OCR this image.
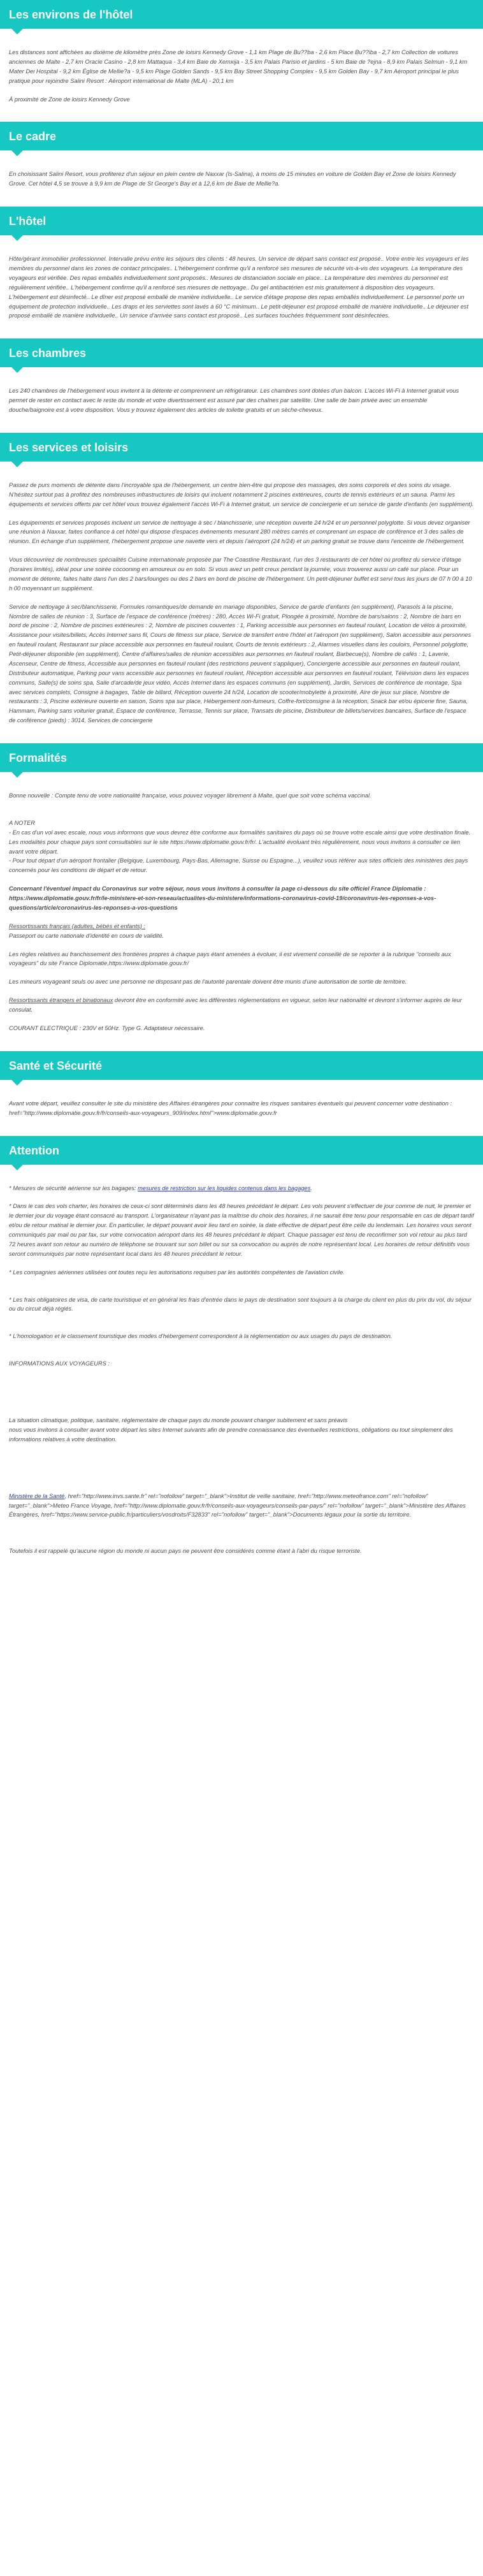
Les environs de l'hôtel

Les distances sont affichées au dixième de kilomètre près Zone de loisirs Kennedy Grove - 1,1 km Plage de Bu??ba - 2,6 km Place Bu??iba - 2,7 km Collection de voitures anciennes de Malte - 2,7 km Oracle Casino - 2,8 km Mattaqua - 3,4 km Baie de Xemxija - 3,5 km Palais Parisio et jardins - 5 km Baie de ?ejna - 8,9 km Palais Selmun - 9,1 km Mater Dei Hospital - 9,2 km Église de Mellie?a - 9,5 km Plage Golden Sands - 9,5 km Bay Street Shopping Complex - 9,5 km Golden Bay - 9,7 km Aéroport principal le plus pratique pour rejoindre Salini Resort : Aéroport international de Malte (MLA) - 20,1 km

À proximité de Zone de loisirs Kennedy Grove

Le cadre

En choisissant Salini Resort, vous profiterez d'un séjour en plein centre de Naxxar (Is-Salina), à moins de 15 minutes en voiture de Golden Bay et Zone de loisirs Kennedy Grove. Cet hôtel 4,5 se trouve à 9,9 km de Plage de St George's Bay et à 12,6 km de Baie de Mellie?a.

L'hôtel

Hôte/gérant immobilier professionnel. Intervalle prévu entre les séjours des clients : 48 heures. Un service de départ sans contact est proposé.. Votre entre les voyageurs et les membres du personnel dans les zones de contact principales.. L'hébergement confirme qu'il a renforcé ses mesures de sécurité vis-à-vis des voyageurs. La température des voyageurs est vérifiée. Des repas emballés individuellement sont proposés.. Mesures de distanciation sociale en place.. La température des membres du personnel est régulièrement vérifiée.. L'hébergement confirme qu'il a renforcé ses mesures de nettoyage.. Du gel antibactérien est mis gratuitement à disposition des voyageurs. L'hébergement est désinfecté.. Le dîner est proposé emballé de manière individuelle.. Le service d'étage propose des repas emballés individuellement. Le personnel porte un équipement de protection individuelle.. Les draps et les serviettes sont lavés à 60 °C minimum.. Le petit-déjeuner est proposé emballé de manière individuelle.. Le déjeuner est proposé emballé de manière individuelle.. Un service d'arrivée sans contact est proposé.. Les surfaces touchées fréquemment sont désinfectées.

Les chambres

Les 240 chambres de l'hébergement vous invitent à la détente et comprennent un réfrigérateur. Les chambres sont dotées d'un balcon. L'accès Wi-Fi à Internet gratuit vous permet de rester en contact avec le reste du monde et votre divertissement est assuré par des chaînes par satellite. Une salle de bain privée avec un ensemble douche/baignoire est à votre disposition. Vous y trouvez également des articles de toilette gratuits et un sèche-cheveux.

Les services et loisirs

Passez de purs moments de détente dans l'incroyable spa de l'hébergement, un centre bien-être qui propose des massages, des soins corporels et des soins du visage. N'hésitez surtout pas à profitez des nombreuses infrastructures de loisirs qui incluent notamment 2 piscines extérieures, courts de tennis extérieurs et un sauna. Parmi les équipements et services offerts par cet hôtel vous trouvez également l'accès Wi-Fi à Internet gratuit, un service de conciergerie et un service de garde d'enfants (en supplément).

Les équipements et services proposés incluent un service de nettoyage à sec / blanchisserie, une réception ouverte 24 h/24 et un personnel polyglotte. Si vous devez organiser une réunion à Naxxar, faites confiance à cet hôtel qui dispose d'espaces événements mesurant 280 mètres carrés et comprenant un espace de conférence et 3 des salles de réunion. En échange d'un supplément, l'hébergement propose une navette vers et depuis l'aéroport (24 h/24) et un parking gratuit se trouve dans l'enceinte de l'hébergement.

Vous découvrirez de nombreuses spécialités Cuisine internationale proposée par The Coastline Restaurant, l'un des 3 restaurants de cet hôtel où profitez du service d'étage (horaires limités), idéal pour une soirée cocooning en amoureux ou en solo. Si vous avez un petit creux pendant la journée, vous trouverez aussi un café sur place. Pour un moment de détente, faites halte dans l'un des 2 bars/lounges ou des 2 bars en bord de piscine de l'hébergement. Un petit-déjeuner buffet est servi tous les jours de 07 h 00 à 10 h 00 moyennant un supplément.

Service de nettoyage à sec/blanchisserie, Formules romantiques/de demande en mariage disponibles, Service de garde d'enfants (en supplément), Parasols à la piscine, Nombre de salles de réunion : 3, Surface de l'espace de conférence (mètres) : 280, Accès Wi-Fi gratuit, Plongée à proximité, Nombre de bars/salons : 2, Nombre de bars en bord de piscine : 2, Nombre de piscines extérieures : 2, Nombre de piscines couvertes : 1, Parking accessible aux personnes en fauteuil roulant, Location de vélos à proximité, Assistance pour visites/billets, Accès Internet sans fil, Cours de fitness sur place, Service de transfert entre l'hôtel et l'aéroport (en supplément), Salon accessible aux personnes en fauteuil roulant, Restaurant sur place accessible aux personnes en fauteuil roulant, Courts de tennis extérieurs : 2, Alarmes visuelles dans les couloirs, Personnel polyglotte, Petit-déjeuner disponible (en supplément), Centre d'affaires/salles de réunion accessibles aux personnes en fauteuil roulant, Barbecue(s), Nombre de cafés : 1, Laverie, Ascenseur, Centre de fitness, Accessible aux personnes en fauteuil roulant (des restrictions peuvent s'appliquer), Conciergerie accessible aux personnes en fauteuil roulant, Distributeur automatique, Parking pour vans accessible aux personnes en fauteuil roulant, Réception accessible aux personnes en fauteuil roulant, Télévision dans les espaces communs, Salle(s) de soins spa, Salle d'arcade/de jeux vidéo, Accès Internet dans les espaces communs (en supplément), Jardin, Services de conférence de montage, Spa avec services complets, Consigne à bagages, Table de billard, Réception ouverte 24 h/24, Location de scooter/mobylette à proximité, Aire de jeux sur place, Nombre de restaurants : 3, Piscine extérieure ouverte en saison, Soins spa sur place, Hébergement non-fumeurs, Coffre-fort/consigne à la réception, Snack bar et/ou épicerie fine, Sauna, Hammam, Parking sans voiturier gratuit, Espace de conférence, Terrasse, Tennis sur place, Transats de piscine, Distributeur de billets/services bancaires, Surface de l'espace de conférence (pieds) : 3014, Services de conciergerie

Formalités

Bonne nouvelle : Compte tenu de votre nationalité française, vous pouvez voyager librement à Malte, quel que soit votre schéma vaccinal.

A NOTER

- En cas d'un vol avec escale, nous vous informons que vous devrez être conforme aux formalités sanitaires du pays où se trouve votre escale ainsi que votre destination finale.

Les modalités pour chaque pays sont consultables sur le site https://www.diplomatie.gouv.fr/fr/. L'actualité évoluant très régulièrement, nous vous invitons à consulter ce lien avant votre départ.

- Pour tout départ d'un aéroport frontalier (Belgique, Luxembourg, Pays-Bas, Allemagne, Suisse ou Espagne...), veuillez vous référer aux sites officiels des ministères des pays concernés pour les conditions de départ et de retour.

Concernant l'éventuel impact du Coronavirus sur votre séjour, nous vous invitons à consulter la page ci-dessous du site officiel France Diplomatie : https://www.diplomatie.gouv.fr/fr/le-ministere-et-son-reseau/actualites-du-ministere/informations-coronavirus-covid-19/coronavirus-les-reponses-a-vos-questions/article/coronavirus-les-reponses-a-vos-questions

Ressortissants français (adultes, bébés et enfants) :

Passeport ou carte nationale d'identité en cours de validité.

Les règles relatives au franchissement des frontières propres à chaque pays étant amenées à évoluer, il est vivement conseillé de se reporter à la rubrique "conseils aux voyageurs" du site France Diplomatie,https://www.diplomatie.gouv.fr/

Les mineurs voyageant seuls ou avec une personne ne disposant pas de l'autorité parentale doivent être munis d'une autorisation de sortie de territoire.

Ressortissants étrangers et binationaux devront être en conformité avec les différentes réglementations en vigueur, selon leur nationalité et devront s'informer auprès de leur consulat.

COURANT ELECTRIQUE : 230V et 50Hz. Type G. Adaptateur nécessaire.

Santé et Sécurité

Avant votre départ, veuillez consulter le site du ministère des Affaires étrangères pour connaitre les risques sanitaires éventuels qui peuvent concerner votre destination : href="http://www.diplomatie.gouv.fr/fr/conseils-aux-voyageurs_909/index.html">www.diplomatie.gouv.fr

Attention

* Mesures de sécurité aérienne sur les bagages: mesures de restriction sur les liquides contenus dans les bagages.

* Dans le cas des vols charter, les horaires de ceux-ci sont déterminés dans les 48 heures précédant le départ. Les vols peuvent s'effectuer de jour comme de nuit, le premier et le dernier jour du voyage étant consacré au transport. L'organisateur n'ayant pas la maîtrise du choix des horaires, il ne saurait être tenu pour responsable en cas de départ tardif et/ou de retour matinal le dernier jour. En particulier, le départ pouvant avoir lieu tard en soirée, la date effective de départ peut être celle du lendemain. Les horaires vous seront communiqués par mail ou par fax, sur votre convocation aéroport dans les 48 heures précédant le départ. Chaque passager est tenu de reconfirmer son vol retour au plus tard 72 heures avant son retour au numéro de téléphone se trouvant sur son billet ou sur sa convocation ou auprès de notre représentant local. Les horaires de retour définitifs vous seront communiqués par notre représentant local dans les 48 heures précédant le retour.

* Les compagnies aériennes utilisées ont toutes reçu les autorisations requises par les autorités compétentes de l'aviation civile.

* Les frais obligatoires de visa, de carte touristique et en général les frais d'entrée dans le pays de destination sont toujours à la charge du client en plus du prix du vol, du séjour ou du circuit déjà réglés.

* L'homologation et le classement touristique des modes d'hébergement correspondent à la réglementation ou aux usages du pays de destination.

INFORMATIONS AUX VOYAGEURS :

La situation climatique, politique, sanitaire, réglementaire de chaque pays du monde pouvant changer subitement et sans préavis

nous vous invitons à consulter avant votre départ les sites Internet suivants afin de prendre connaissance des éventuelles restrictions, obligations ou tout simplement des informations relatives à votre destination.

Ministère de la Santé, href="http://www.invs.sante.fr" rel="nofollow" target="_blank">Institut de veille sanitaire, href="http://www.meteofrance.com" rel="nofollow" target="_blank">Meteo France Voyage, href="http://www.diplomatie.gouv.fr/fr/conseils-aux-voyageurs/conseils-par-pays/" rel="nofollow" target="_blank">Ministère des Affaires Étrangères, href="https://www.service-public.fr/particuliers/vosdroits/F32833" rel="nofollow" target="_blank">Documents légaux pour la sortie du territoire.

Toutefois il est rappelé qu'aucune région du monde ni aucun pays ne peuvent être considérés comme étant à l'abri du risque terroriste.
